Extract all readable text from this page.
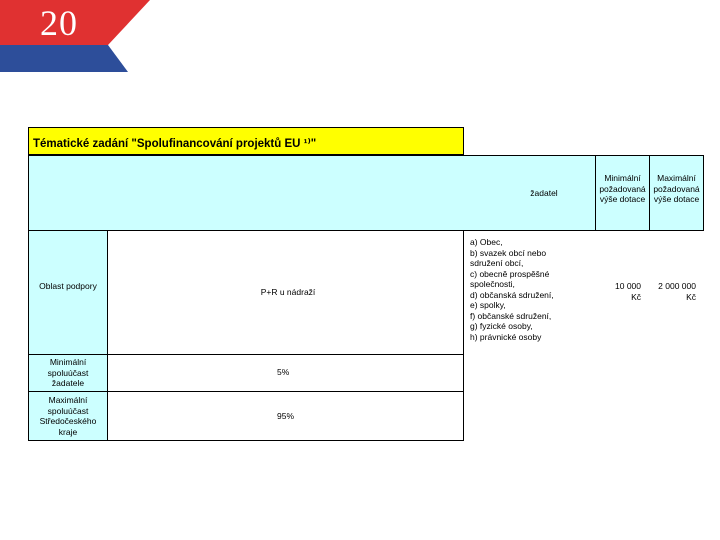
20
Tématické zadání "Spolufinancování projektů EU ¹⁾"
žadatel
Minimální požadovaná výše dotace
Maximální požadovaná výše dotace
Oblast podpory
P+R u nádraží
a) Obec,
b) svazek obcí nebo
sdružení obcí,
c) obecně prospěšné
společnosti,
d) občanská sdružení,
e) spolky,
f) občanské sdružení,
g) fyzické osoby,
h) právnické osoby
10 000 Kč
2 000 000 Kč
Minimální spoluúčast žadatele
5%
Maximální spoluúčast Středočeského kraje
95%
